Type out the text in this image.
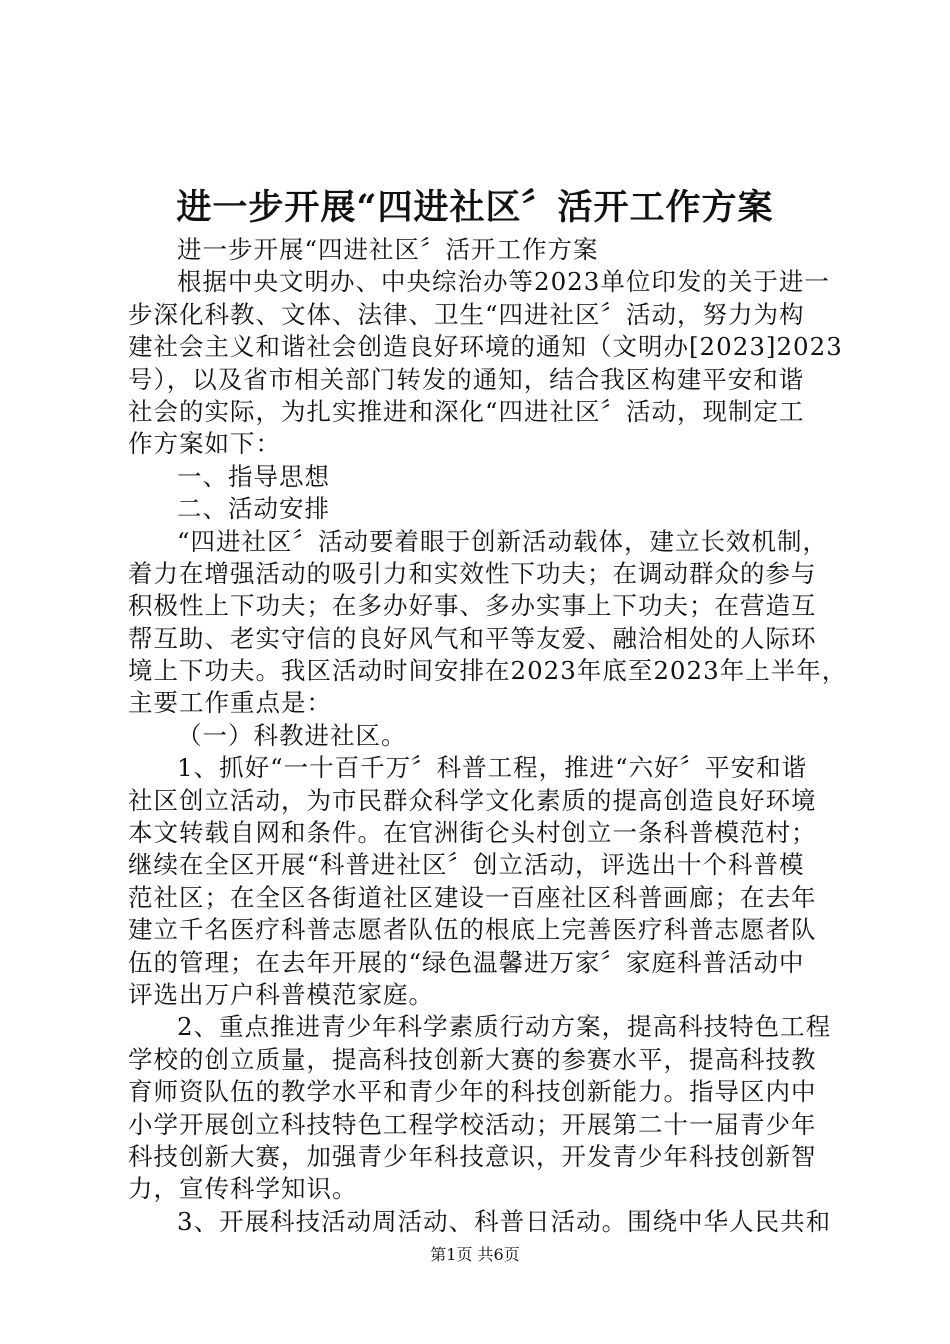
进一步开展“四进社区〞活开工作方案
进一步开展“四进社区〞活开工作方案
根据中央文明办、中央综治办等2023单位印发的关于进一
步深化科教、文体、法律、卫生“四进社区〞活动，努力为构
建社会主义和谐社会创造良好环境的通知（文明办[2023]2023
号），以及省市相关部门转发的通知，结合我区构建平安和谐
社会的实际，为扎实推进和深化“四进社区〞活动，现制定工
作方案如下：
一、指导思想
二、活动安排
“四进社区〞活动要着眼于创新活动载体，建立长效机制，
着力在增强活动的吸引力和实效性下功夫；在调动群众的参与
积极性上下功夫；在多办好事、多办实事上下功夫；在营造互
帮互助、老实守信的良好风气和平等友爱、融洽相处的人际环
境上下功夫。我区活动时间安排在2023年底至2023年上半年，
主要工作重点是：
（一）科教进社区。
1、抓好“一十百千万〞科普工程，推进“六好〞平安和谐
社区创立活动，为市民群众科学文化素质的提高创造良好环境
本文转载自网和条件。在官洲街仑头村创立一条科普模范村；
继续在全区开展“科普进社区〞创立活动，评选出十个科普模
范社区；在全区各街道社区建设一百座社区科普画廊；在去年
建立千名医疗科普志愿者队伍的根底上完善医疗科普志愿者队
伍的管理；在去年开展的“绿色温馨进万家〞家庭科普活动中
评选出万户科普模范家庭。
2、重点推进青少年科学素质行动方案，提高科技特色工程
学校的创立质量，提高科技创新大赛的参赛水平，提高科技教
育师资队伍的教学水平和青少年的科技创新能力。指导区内中
小学开展创立科技特色工程学校活动；开展第二十一届青少年
科技创新大赛，加强青少年科技意识，开发青少年科技创新智
力，宣传科学知识。
3、开展科技活动周活动、科普日活动。围绕中华人民共和
第1页 共6页
